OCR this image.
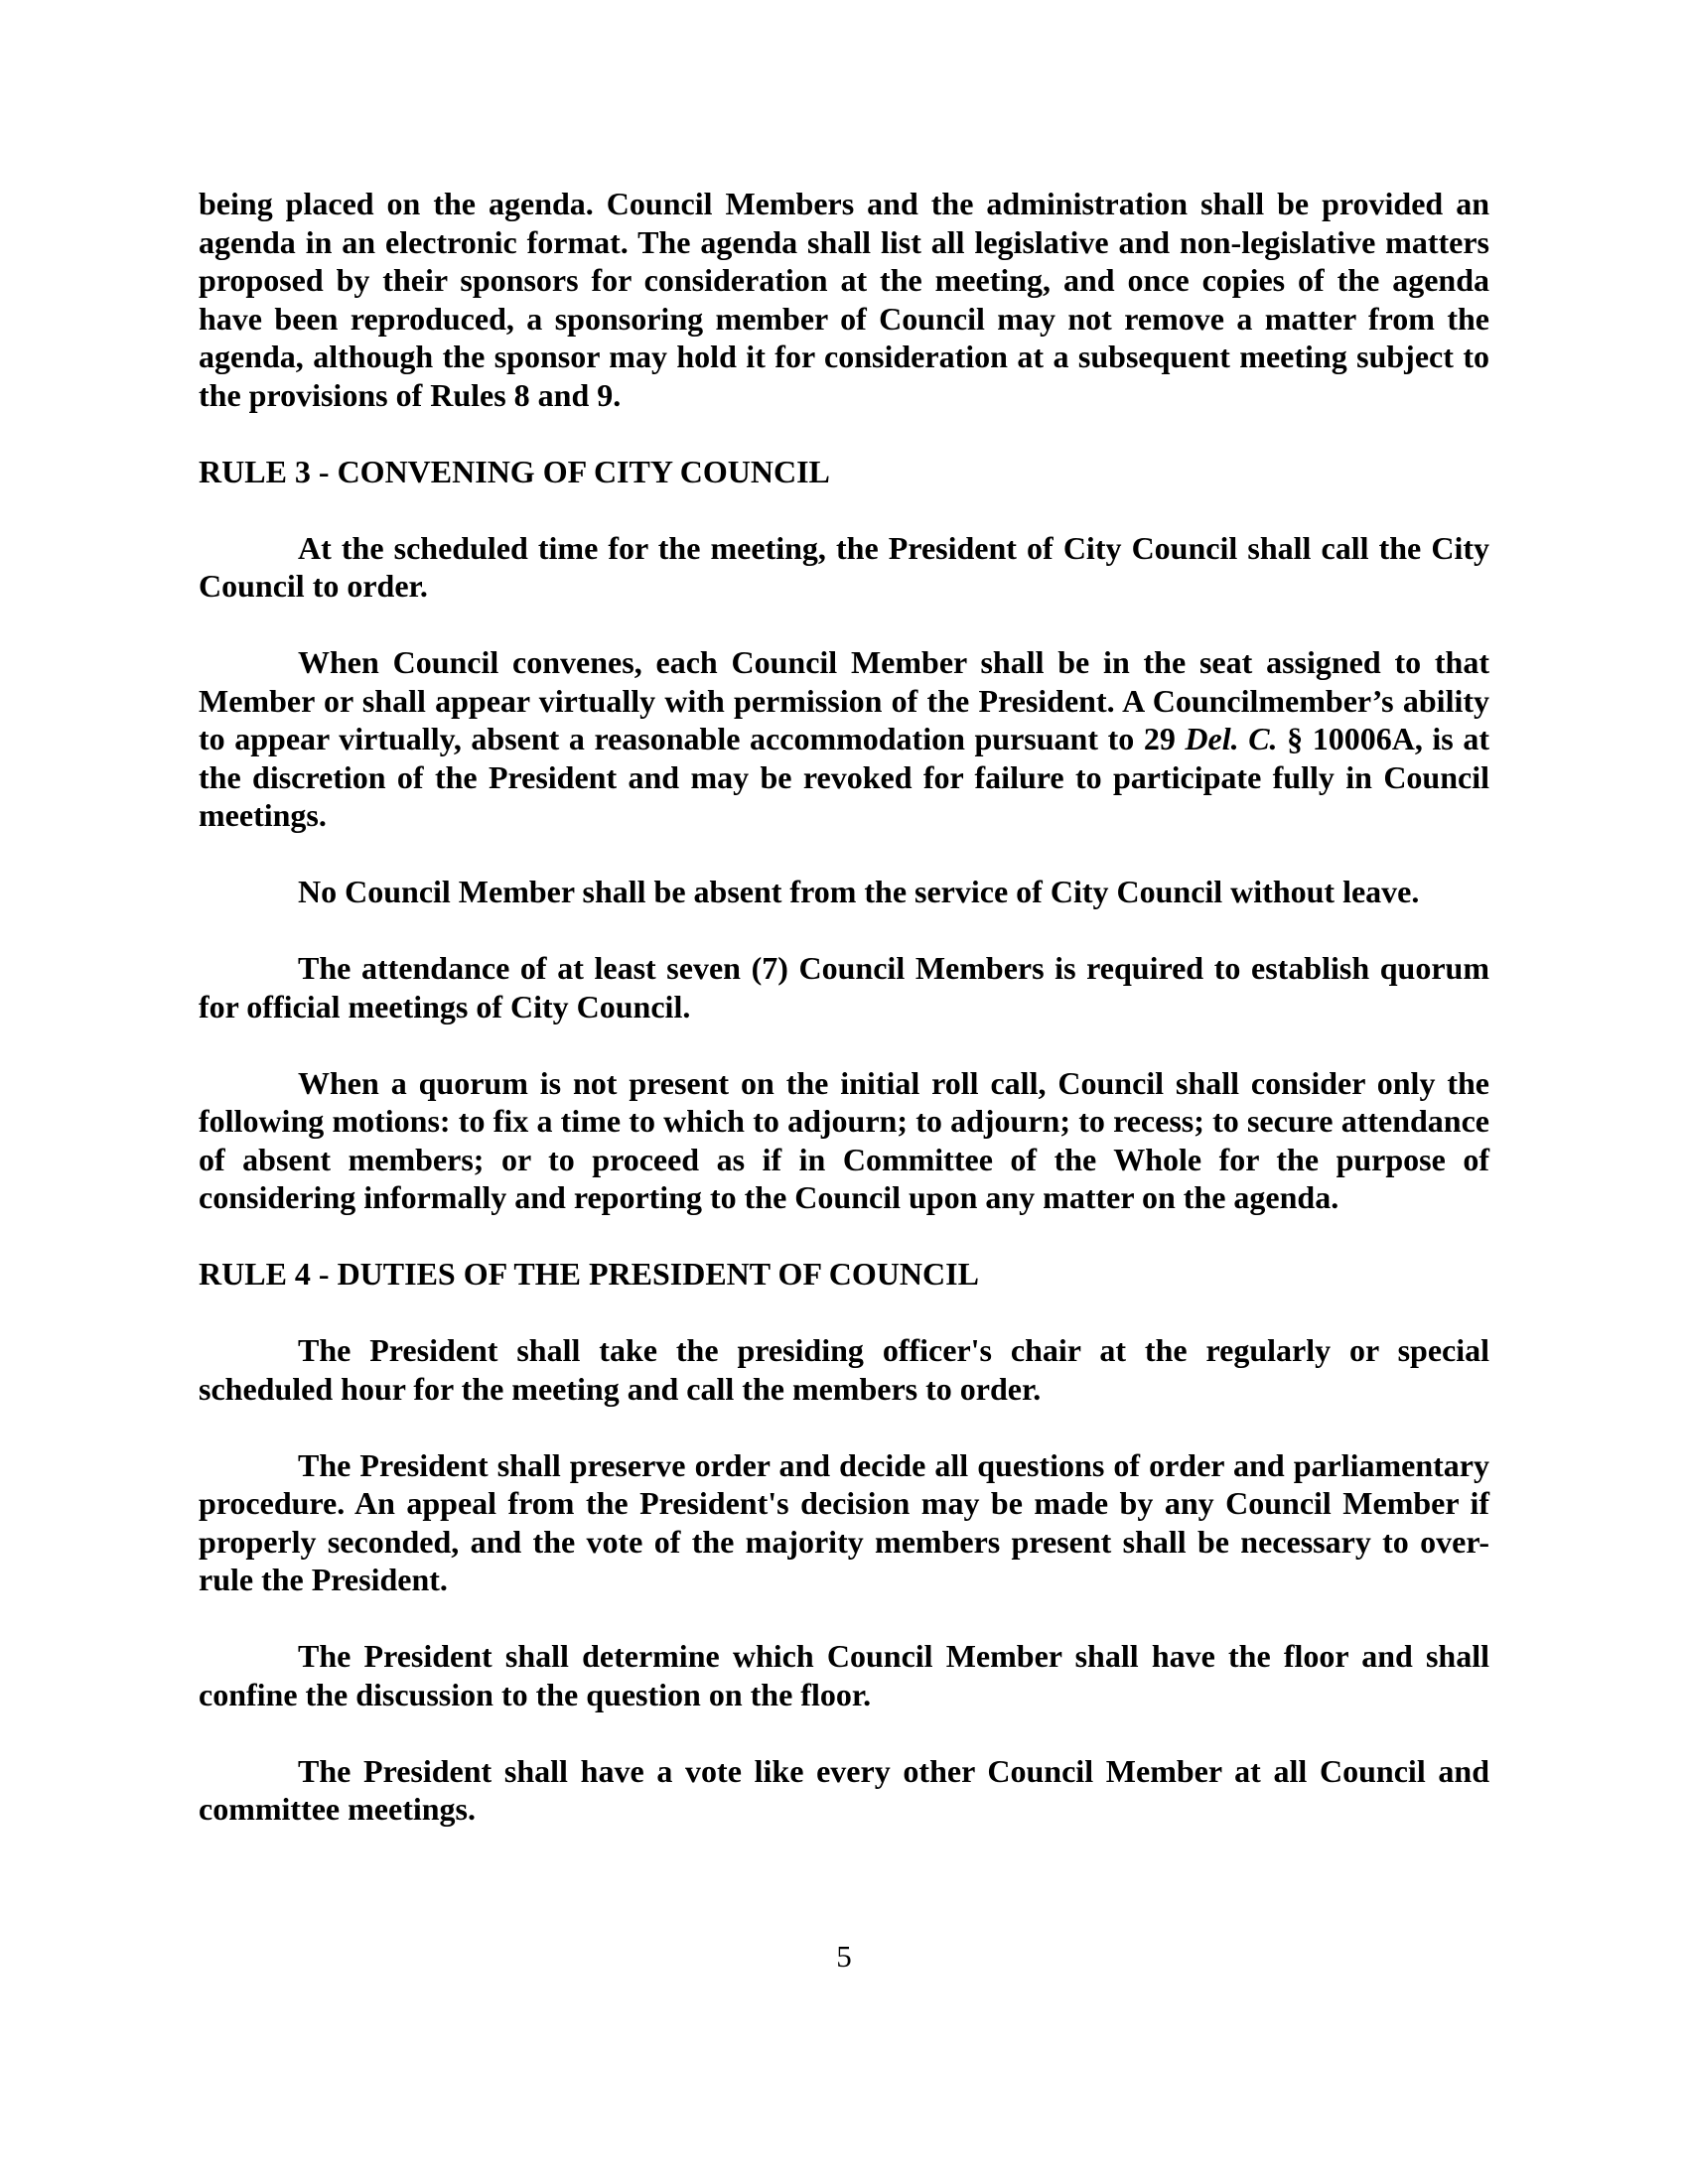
being placed on the agenda. Council Members and the administration shall be provided an agenda in an electronic format. The agenda shall list all legislative and non-legislative matters proposed by their sponsors for consideration at the meeting, and once copies of the agenda have been reproduced, a sponsoring member of Council may not remove a matter from the agenda, although the sponsor may hold it for consideration at a subsequent meeting subject to the provisions of Rules 8 and 9.

RULE 3 - CONVENING OF CITY COUNCIL

At the scheduled time for the meeting, the President of City Council shall call the City Council to order.

When Council convenes, each Council Member shall be in the seat assigned to that Member or shall appear virtually with permission of the President. A Councilmember’s ability to appear virtually, absent a reasonable accommodation pursuant to 29 Del. C. § 10006A, is at the discretion of the President and may be revoked for failure to participate fully in Council meetings.

No Council Member shall be absent from the service of City Council without leave.

The attendance of at least seven (7) Council Members is required to establish quorum for official meetings of City Council.

When a quorum is not present on the initial roll call, Council shall consider only the following motions: to fix a time to which to adjourn; to adjourn; to recess; to secure attendance of absent members; or to proceed as if in Committee of the Whole for the purpose of considering informally and reporting to the Council upon any matter on the agenda.

RULE 4 - DUTIES OF THE PRESIDENT OF COUNCIL

The President shall take the presiding officer's chair at the regularly or special scheduled hour for the meeting and call the members to order.

The President shall preserve order and decide all questions of order and parliamentary procedure. An appeal from the President's decision may be made by any Council Member if properly seconded, and the vote of the majority members present shall be necessary to over-rule the President.

The President shall determine which Council Member shall have the floor and shall confine the discussion to the question on the floor.

The President shall have a vote like every other Council Member at all Council and committee meetings.

5
